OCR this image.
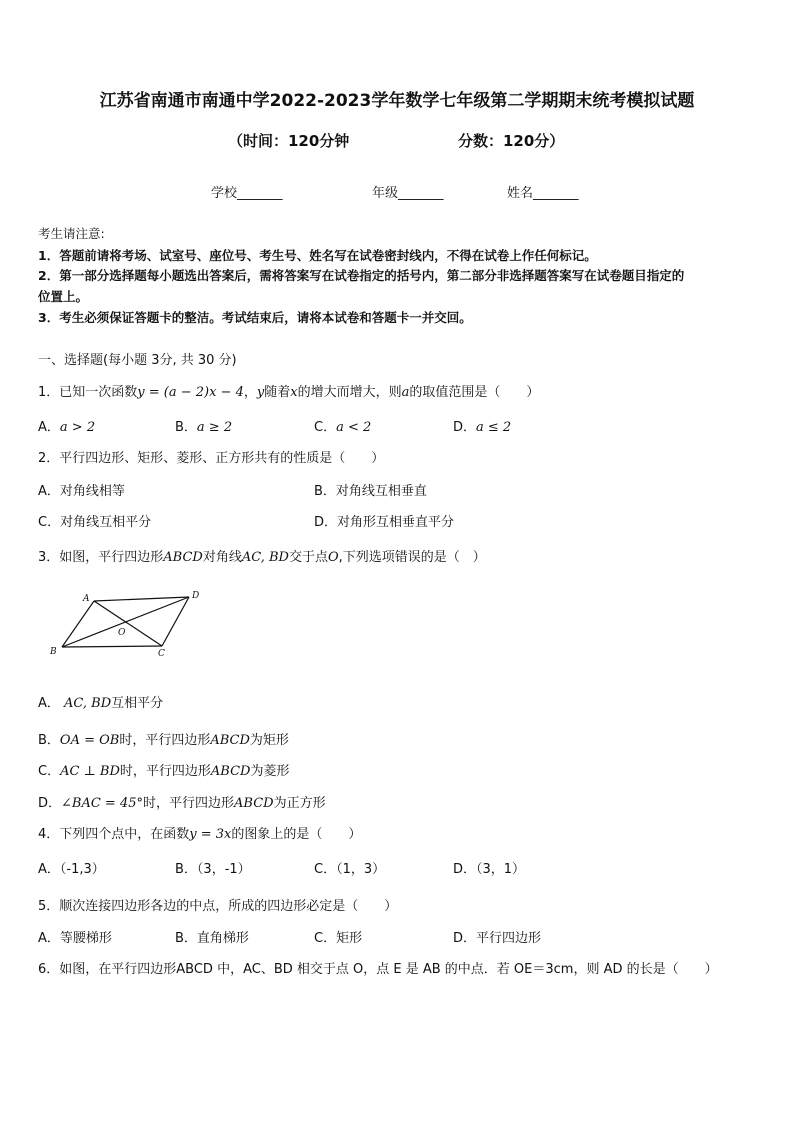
江苏省南通市南通中学2022-2023学年数学七年级第二学期期末统考模拟试题
（时间：120分钟	分数：120分）
学校_______	年级_______	姓名_______
考生请注意:
1．答题前请将考场、试室号、座位号、考生号、姓名写在试卷密封线内，不得在试卷上作任何标记。
2．第一部分选择题每小题选出答案后，需将答案写在试卷指定的括号内，第二部分非选择题答案写在试卷题目指定的
位置上。
3．考生必须保证答题卡的整洁。考试结束后，请将本试卷和答题卡一并交回。
一、选择题(每小题 3分, 共 30 分)
1．已知一次函数y = (a − 2)x − 4，y随着x的增大而增大，则a的取值范围是（　　）
A．a > 2	B．a ≥ 2	C．a < 2	D．a ≤ 2
2．平行四边形、矩形、菱形、正方形共有的性质是（　　）
A．对角线相等	B．对角线互相垂直
C．对角线互相平分	D．对角形互相垂直平分
3．如图，平行四边形ABCD对角线AC, BD交于点O,下列选项错误的是（　）
A	D
B	C
O
A． AC, BD互相平分
B．OA = OB时，平行四边形ABCD为矩形
C．AC ⊥ BD时，平行四边形ABCD为菱形
D．∠BAC = 45°时，平行四边形ABCD为正方形
4．下列四个点中，在函数y = 3x的图象上的是（　　）
A．（-1,3）	B．（3，-1）	C．（1，3）	D．（3，1）
5．顺次连接四边形各边的中点，所成的四边形必定是（　　）
A．等腰梯形	B．直角梯形	C．矩形	D．平行四边形
6．如图，在平行四边形ABCD 中，AC、BD 相交于点 O，点 E 是 AB 的中点．若 OE＝3cm，则 AD 的长是（　　）
